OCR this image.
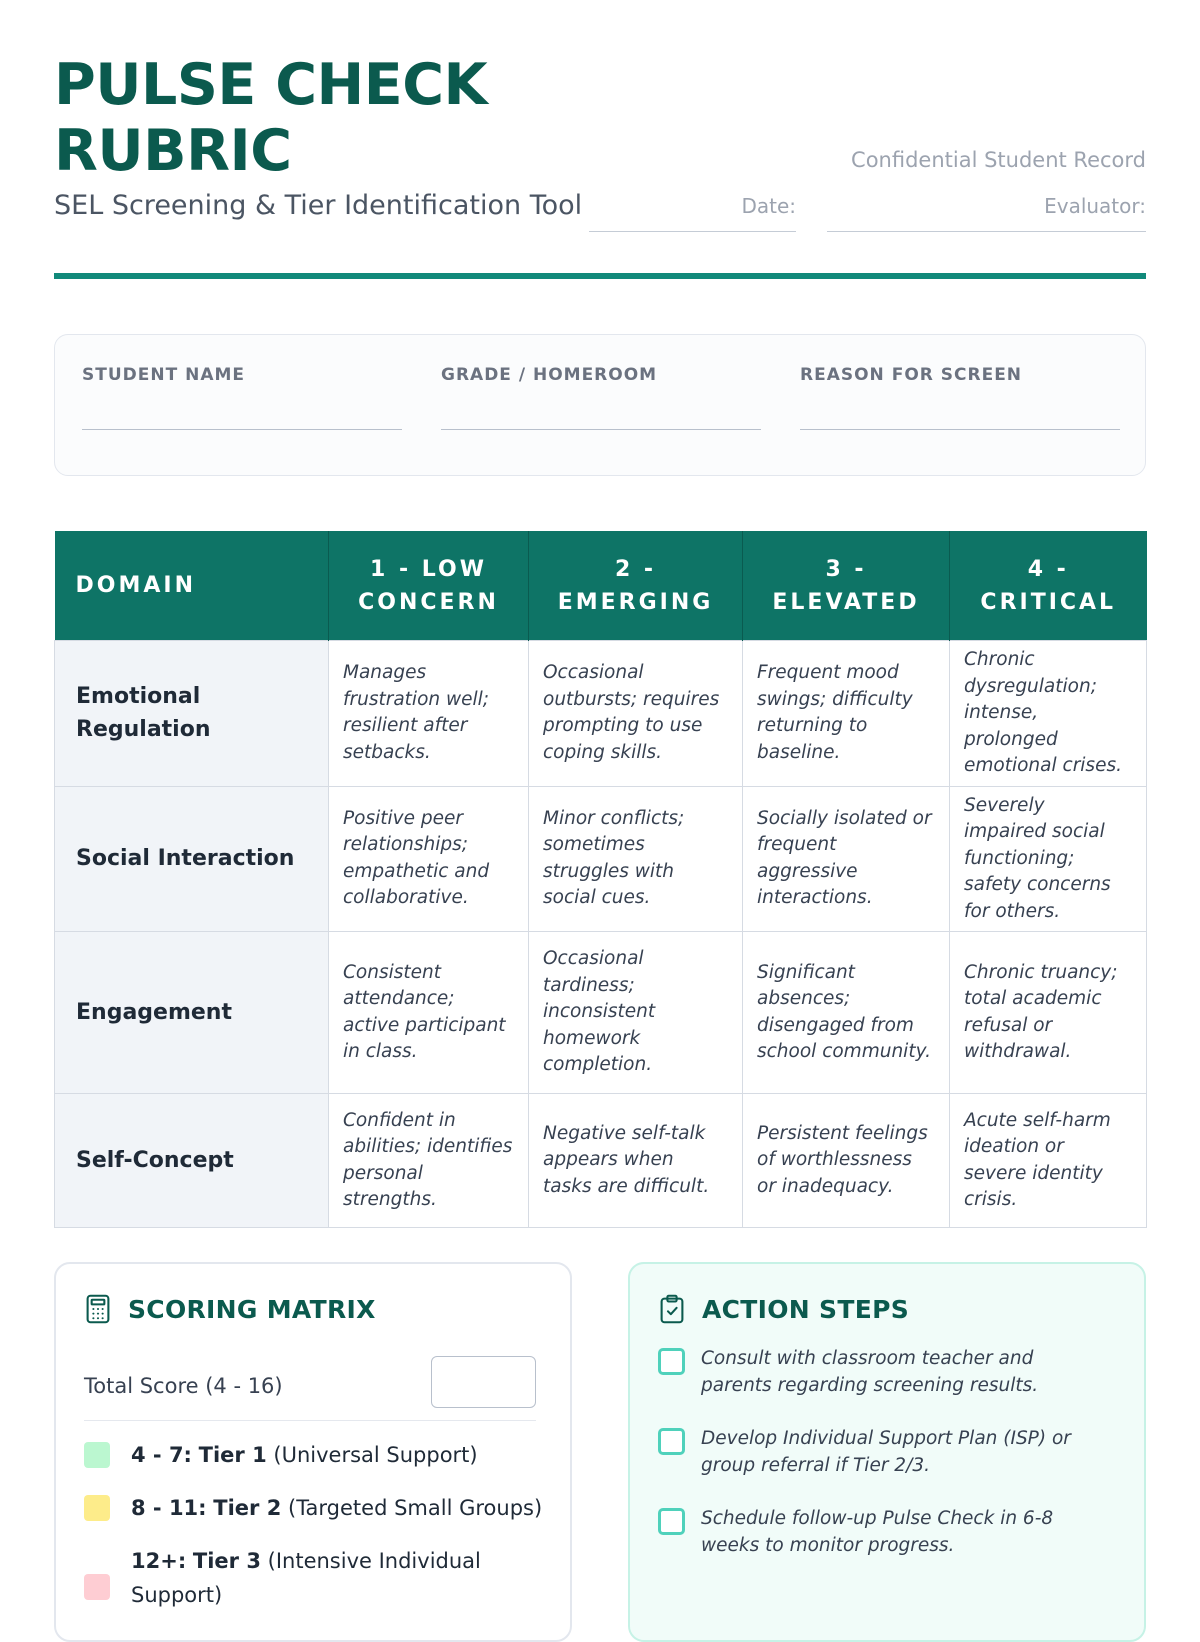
PULSE CHECK
RUBRIC
SEL Screening & Tier Identification Tool
Confidential Student Record
Date:	Evaluator:
STUDENT NAME	GRADE / HOMEROOM	REASON FOR SCREEN
DOMAIN	1 - LOW CONCERN	2 - EMERGING	3 - ELEVATED	4 - CRITICAL
Emotional Regulation	Manages frustration well; resilient after setbacks.	Occasional outbursts; requires prompting to use coping skills.	Frequent mood swings; difficulty returning to baseline.	Chronic dysregulation; intense, prolonged emotional crises.
Social Interaction	Positive peer relationships; empathetic and collaborative.	Minor conflicts; sometimes struggles with social cues.	Socially isolated or frequent aggressive interactions.	Severely impaired social functioning; safety concerns for others.
Engagement	Consistent attendance; active participant in class.	Occasional tardiness; inconsistent homework completion.	Significant absences; disengaged from school community.	Chronic truancy; total academic refusal or withdrawal.
Self-Concept	Confident in abilities; identifies personal strengths.	Negative self-talk appears when tasks are difficult.	Persistent feelings of worthlessness or inadequacy.	Acute self-harm ideation or severe identity crisis.
SCORING MATRIX
Total Score (4 - 16)
4 - 7: Tier 1 (Universal Support)
8 - 11: Tier 2 (Targeted Small Groups)
12+: Tier 3 (Intensive Individual Support)
ACTION STEPS
Consult with classroom teacher and parents regarding screening results.
Develop Individual Support Plan (ISP) or group referral if Tier 2/3.
Schedule follow-up Pulse Check in 6-8 weeks to monitor progress.
